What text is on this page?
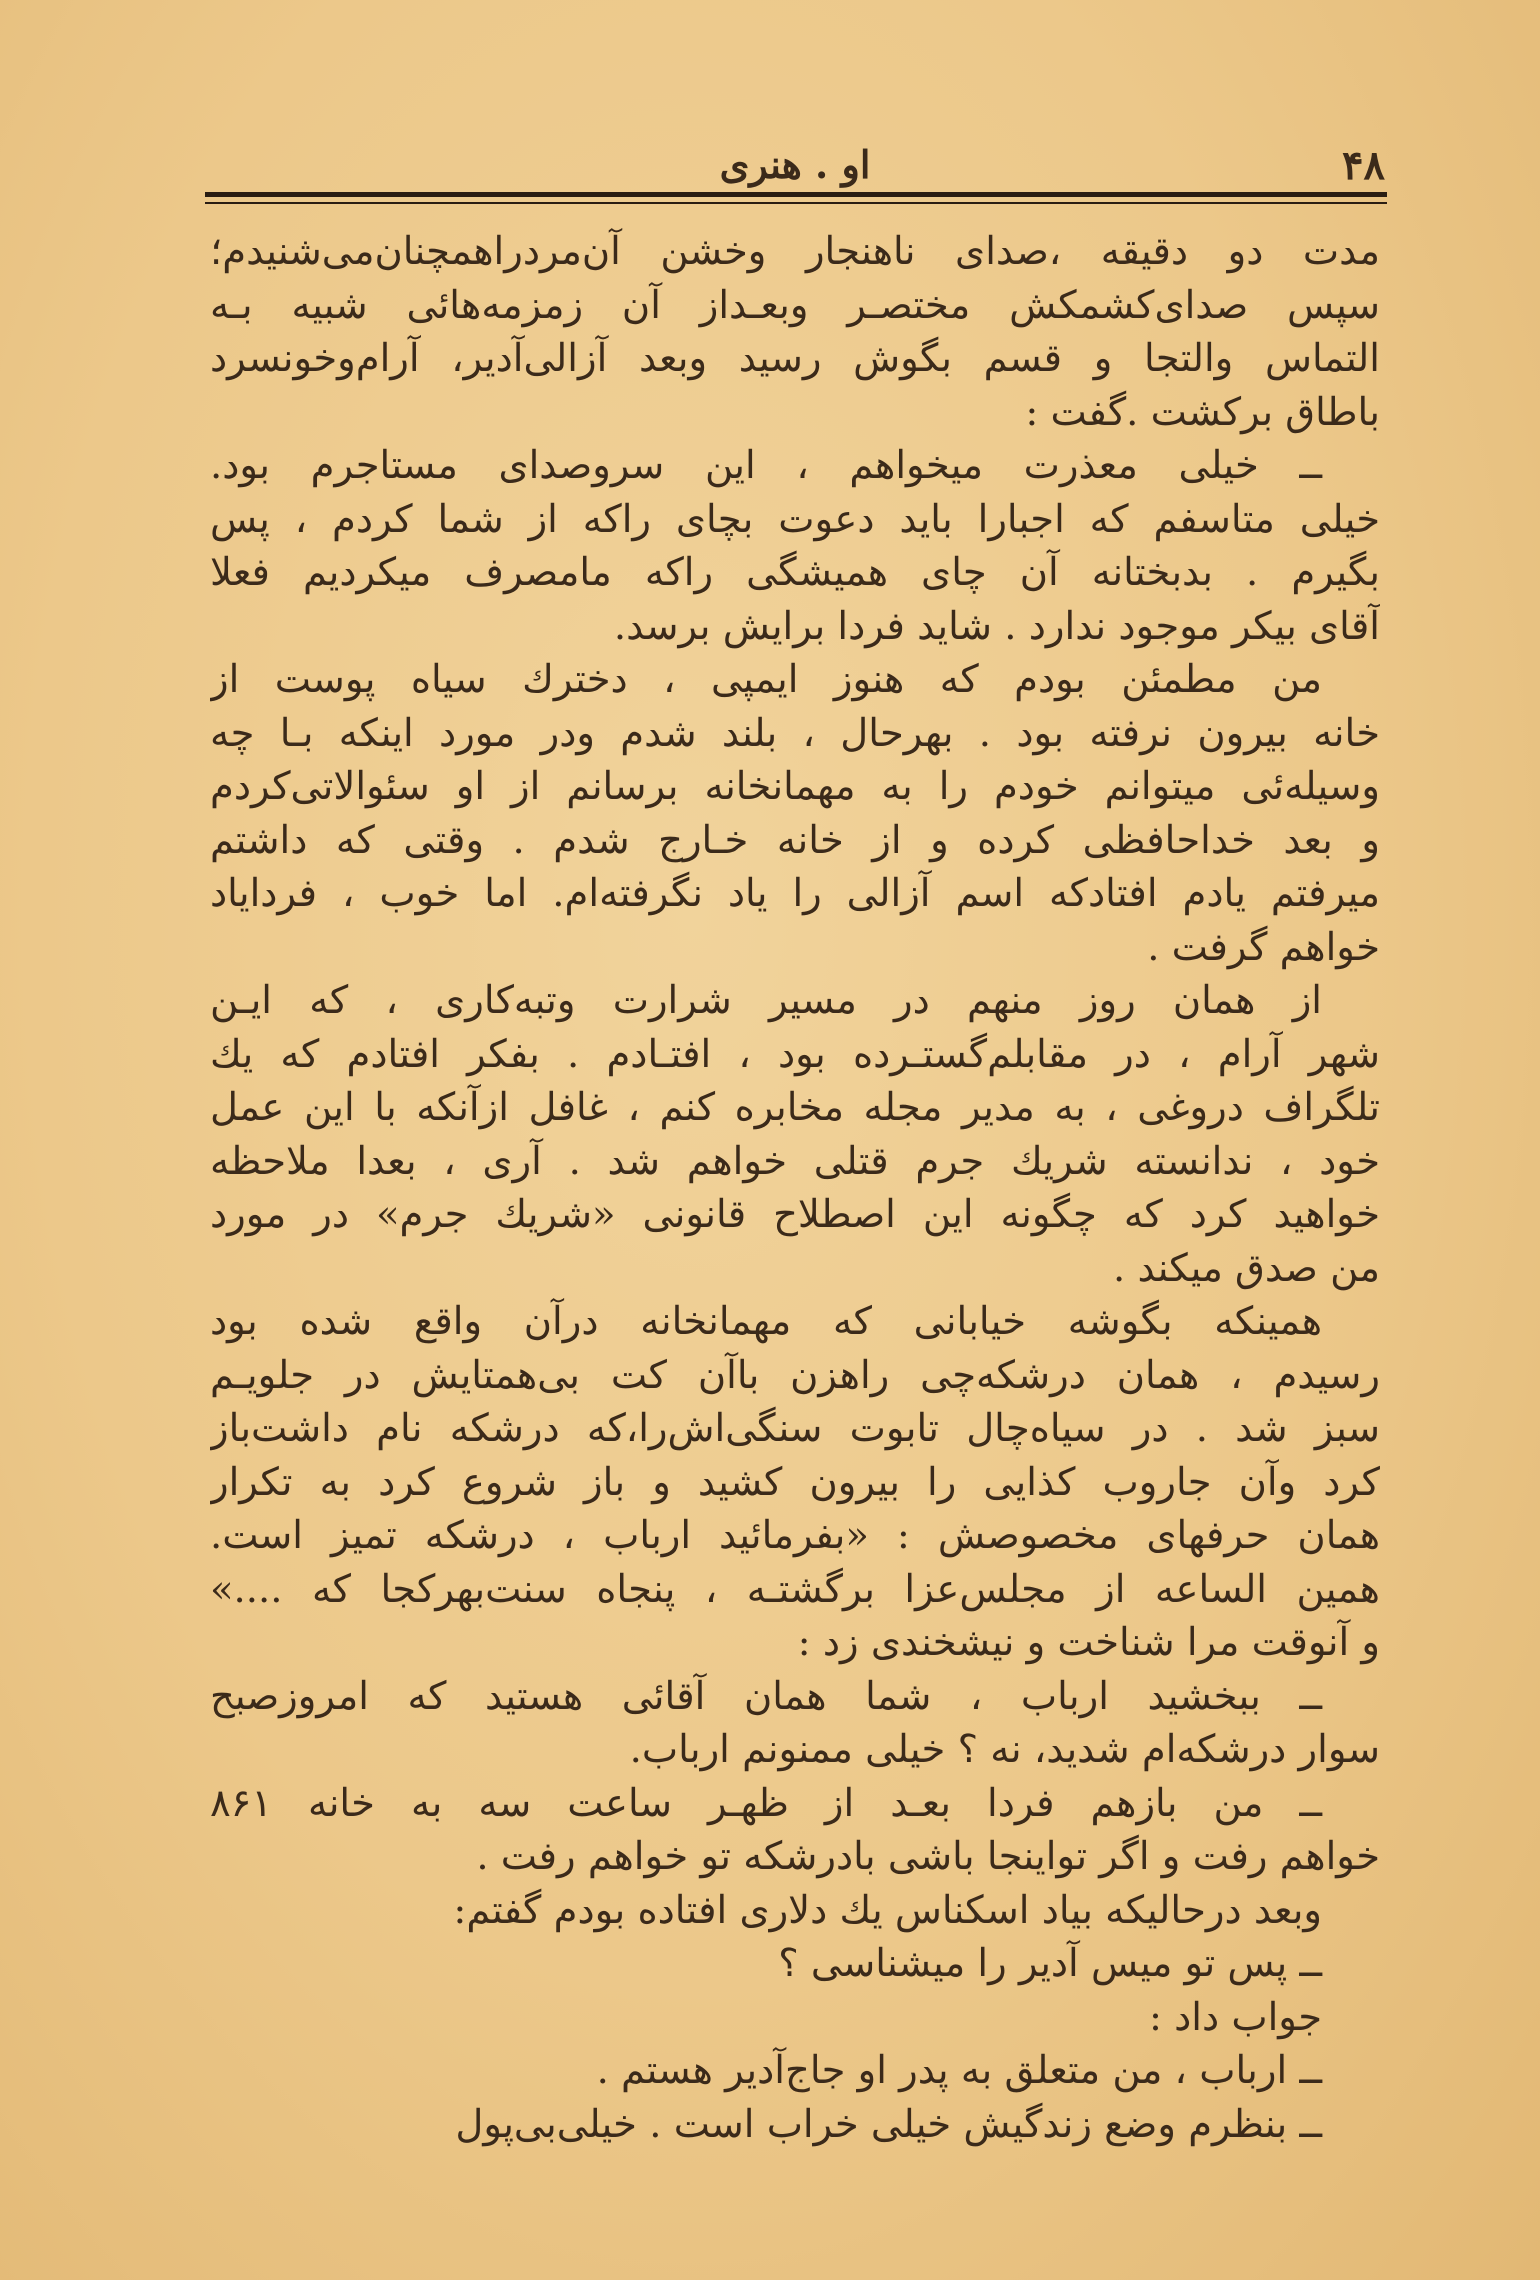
۴۸
او . هنری
مدت دو دقیقه ،صدای ناهنجار وخشن آن‌مرد‌را‌همچنان‌می‌شنیدم؛
سپس صدای‌کشمکش مختصـر وبعـداز آن زمزمه‌هائی شبیه بـه
التماس والتجا و قسم بگوش رسید وبعد آزالی‌آدیر، آرام‌وخونسرد
باطاق برکشت .گفت :
ــ خیلی معذرت میخواهم ، این سروصدای مستاجرم بود.
خیلی متاسفم که اجبارا باید دعوت بچای راکه از شما کردم ، پس
بگیرم . بدبختانه آن چای همیشگی راکه مامصرف میکردیم فعلا
آقای بیکر موجود ندارد . شاید فردا برایش برسد.
من مطمئن بودم که هنوز ایمپی ، دخترك سیاه پوست از
خانه بیرون نرفته بود . بهرحال ، بلند شدم ودر مورد اینکه بـا چه
وسیله‌ئی میتوانم خودم را به مهمانخانه برسانم از او سئوالاتی‌کردم
و بعد خداحافظی کرده و از خانه خـارج شدم . وقتی که داشتم
میرفتم یادم افتادکه اسم آزالی را یاد نگرفته‌ام. اما خوب ، فردایاد
خواهم گرفت .
از همان روز منهم در مسیر شرارت وتبه‌کاری ، که ایـن
شهر آرام ، در مقابلم‌گستـرده بود ، افتـادم . بفکر افتادم که یك
تلگراف دروغی ، به مدیر مجله مخابره کنم ، غافل ازآنکه با این عمل
خود ، ندانسته شریك جرم قتلی خواهم شد . آری ، بعدا ملاحظه
خواهید کرد که چگونه این اصطلاح قانونی «شریك جرم» در مورد
من صدق میکند .
همینکه بگوشه خیابانی که مهمانخانه درآن واقع شده بود
رسیدم ، همان درشکه‌چی راهزن باآن کت بی‌همتایش در جلویـم
سبز شد . در سیاه‌چال تابوت سنگی‌اش‌را،که درشکه نام داشت‌باز
کرد وآن جاروب کذایی را بیرون کشید و باز شروع کرد به تکرار
همان حرفهای مخصوصش : «بفرمائید ارباب ، درشکه تمیز است.
همین الساعه از مجلس‌عزا برگشتـه ، پنجاه سنت‌بهرکجا که ....»
و آنوقت مرا شناخت و نیشخندی زد :
ــ ببخشید ارباب ، شما همان آقائی هستید که امروزصبح
سوار درشکه‌ام شدید، نه ؟ خیلی ممنونم ارباب.
ــ من بازهم فردا بعـد از ظهـر ساعت سه به خانه ۸۶۱
خواهم رفت و اگر تواینجا باشی بادرشکه تو خواهم رفت .
وبعد درحالیکه بیاد اسکناس یك دلاری افتاده بودم گفتم:
ــ پس تو میس آدیر را میشناسی ؟
جواب داد :
ــ ارباب ، من متعلق به پدر او جاج‌آدیر هستم .
ــ بنظرم وضع زندگیش خیلی خراب است . خیلی‌بی‌پول
